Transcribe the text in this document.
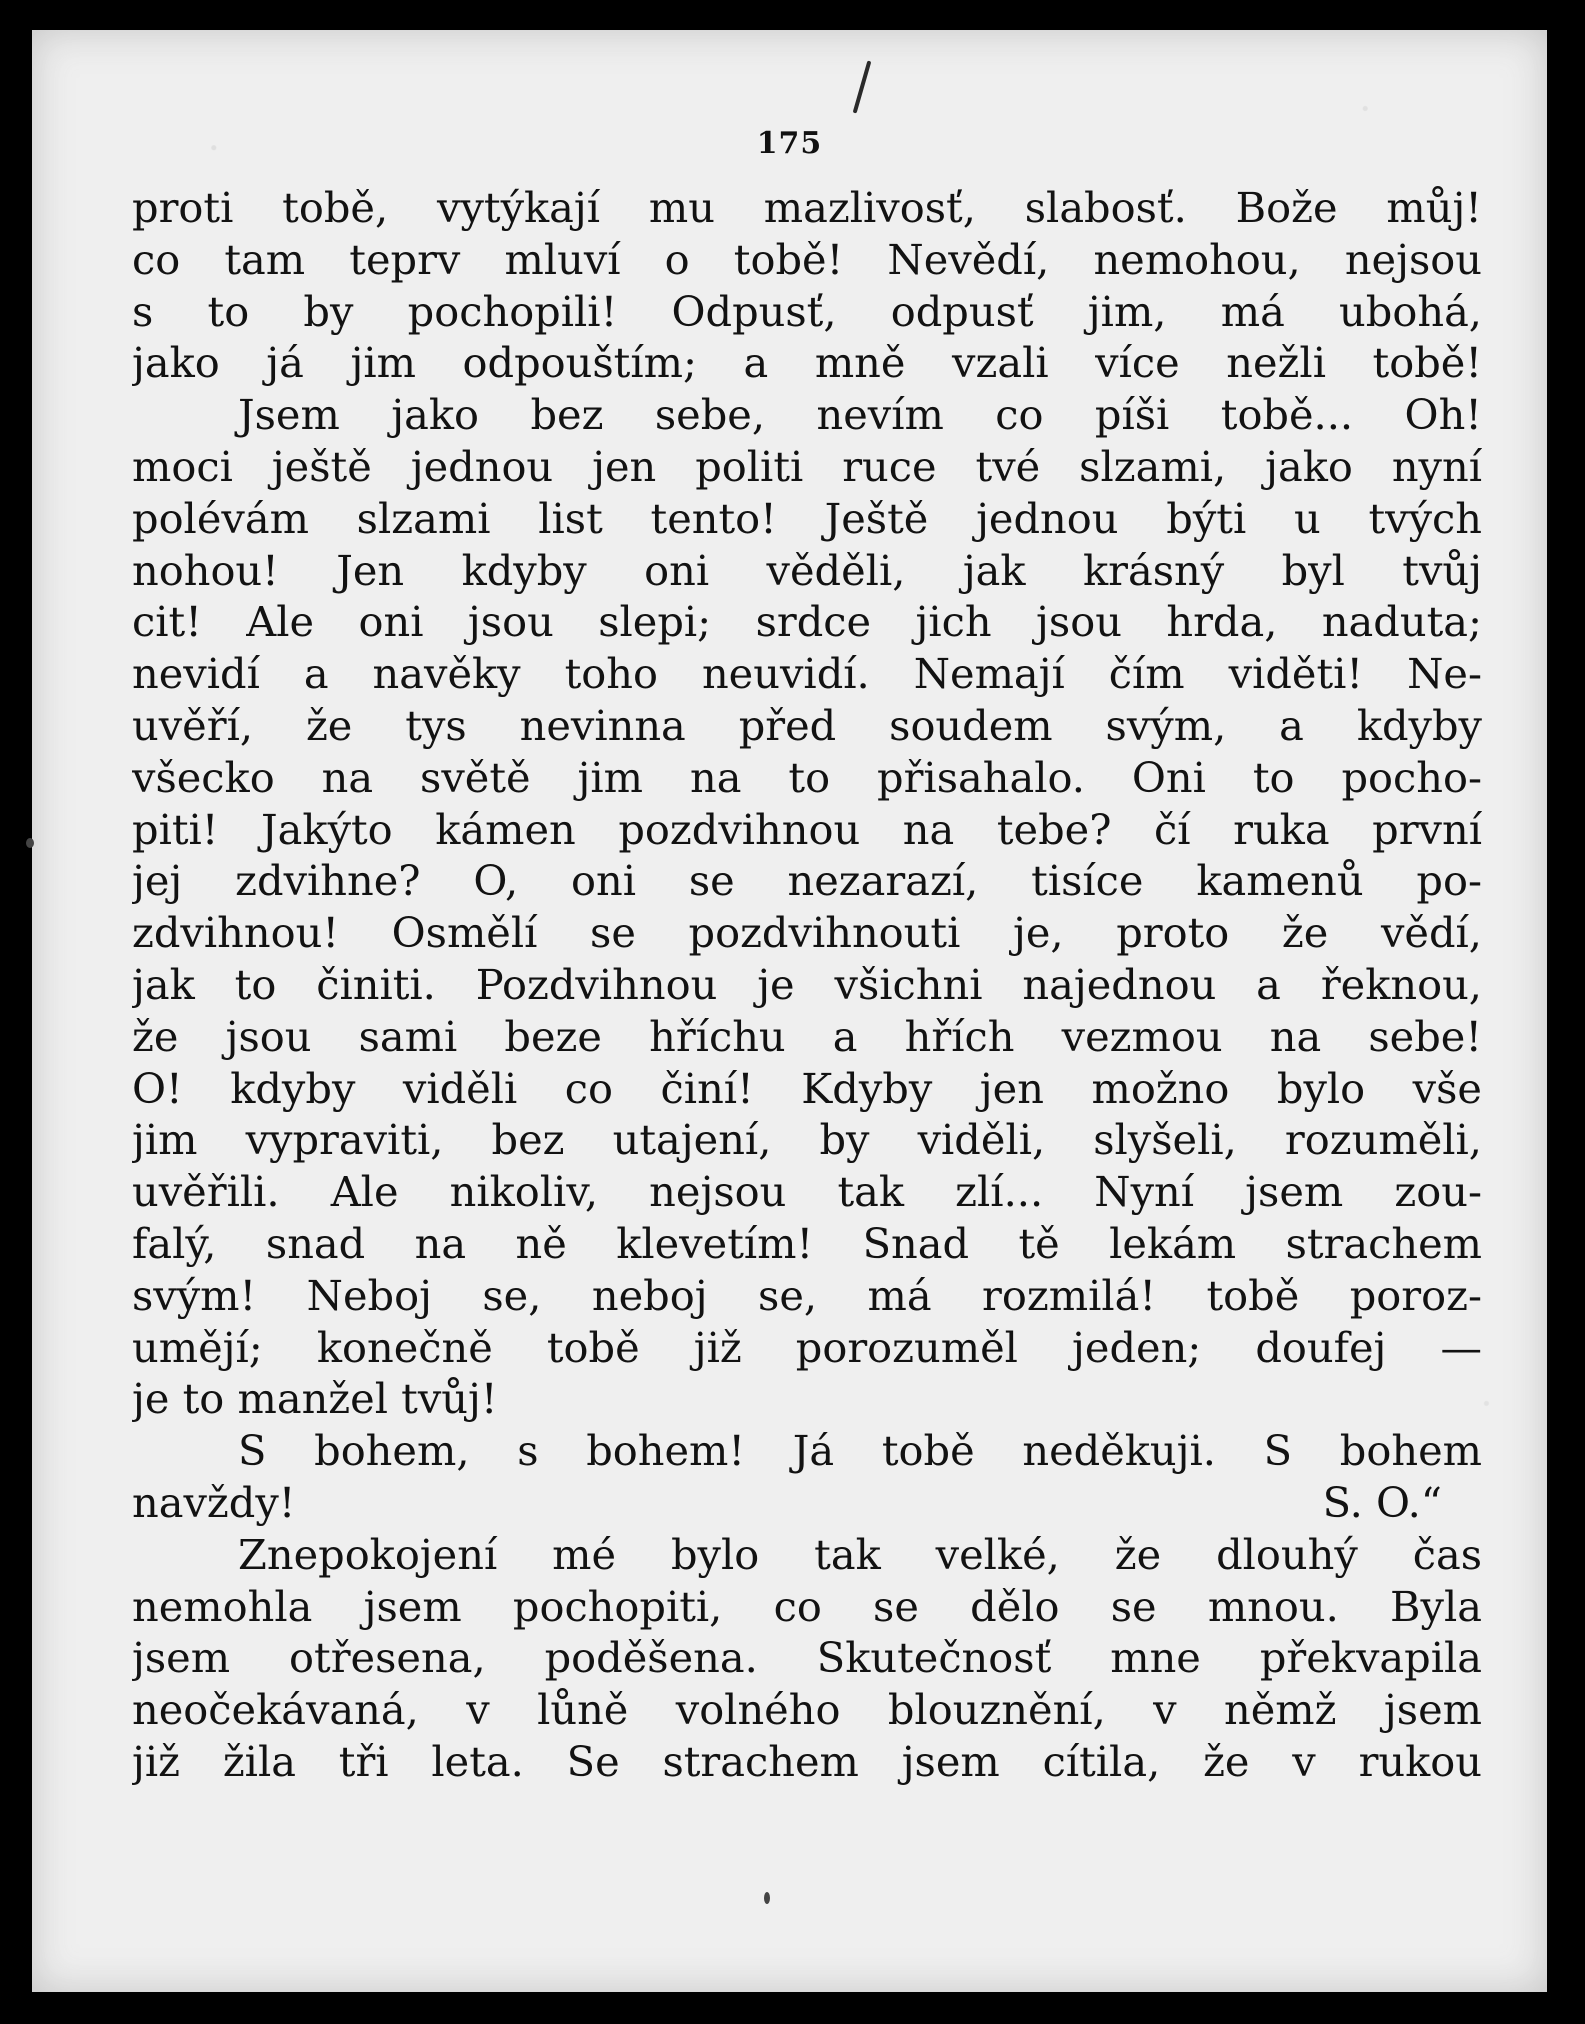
175
proti tobě, vytýkají mu mazlivosť, slabosť. Bože můj!
co tam teprv mluví o tobě! Nevědí, nemohou, nejsou
s to by pochopili! Odpusť, odpusť jim, má ubohá,
jako já jim odpouštím; a mně vzali více nežli tobě!
Jsem jako bez sebe, nevím co píši tobě... Oh!
moci ještě jednou jen politi ruce tvé slzami, jako nyní
polévám slzami list tento! Ještě jednou býti u tvých
nohou! Jen kdyby oni věděli, jak krásný byl tvůj
cit! Ale oni jsou slepi; srdce jich jsou hrda, naduta;
nevidí a navěky toho neuvidí. Nemají čím viděti! Ne-
uvěří, že tys nevinna před soudem svým, a kdyby
všecko na světě jim na to přisahalo. Oni to pocho-
piti! Jakýto kámen pozdvihnou na tebe? čí ruka první
jej zdvihne? O, oni se nezarazí, tisíce kamenů po-
zdvihnou! Osmělí se pozdvihnouti je, proto že vědí,
jak to činiti. Pozdvihnou je všichni najednou a řeknou,
že jsou sami beze hříchu a hřích vezmou na sebe!
O! kdyby viděli co činí! Kdyby jen možno bylo vše
jim vypraviti, bez utajení, by viděli, slyšeli, rozuměli,
uvěřili. Ale nikoliv, nejsou tak zlí... Nyní jsem zou-
falý, snad na ně klevetím! Snad tě lekám strachem
svým! Neboj se, neboj se, má rozmilá! tobě poroz-
umějí; konečně tobě již porozuměl jeden; doufej —
je to manžel tvůj!
S bohem, s bohem! Já tobě neděkuji. S bohem
navždy!	S. O.“
Znepokojení mé bylo tak velké, že dlouhý čas
nemohla jsem pochopiti, co se dělo se mnou. Byla
jsem otřesena, poděšena. Skutečnosť mne překvapila
neočekávaná, v lůně volného blouznění, v němž jsem
již žila tři leta. Se strachem jsem cítila, že v rukou
